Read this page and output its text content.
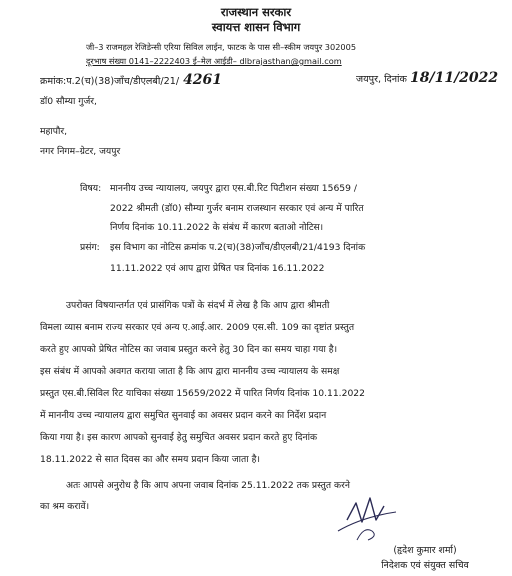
राजस्थान सरकार
स्वायत्त शासन विभाग
जी–3 राजमहल रेजिडेन्सी एरिया सिविल लाईन, फाटक के पास सी–स्कीम जयपुर 302005
दूरभाष संख्या 0141–2222403 ई–मेल आईडी– dlbrajasthan@gmail.com
क्रमांक:प.2(च)(38)जाँच/डीएलबी/21/ 4261	जयपुर, दिनांक 18/11/2022
डॉ0 सौम्या गुर्जर,
महापौर,
नगर निगम–ग्रेटर, जयपुर
विषय: माननीय उच्च न्यायालय, जयपुर द्वारा एस.बी.रिट पिटीशन संख्या 15659 /
2022 श्रीमती (डॉ0) सौम्या गुर्जर बनाम राजस्थान सरकार एवं अन्य में पारित
निर्णय दिनांक 10.11.2022 के संबंध में कारण बताओ नोटिस।
प्रसंग: इस विभाग का नोटिस क्रमांक प.2(च)(38)जाँच/डीएलबी/21/4193 दिनांक
11.11.2022 एवं आप द्वारा प्रेषित पत्र दिनांक 16.11.2022
उपरोक्त विषयान्तर्गत एवं प्रासंगिक पत्रों के संदर्भ में लेख है कि आप द्वारा श्रीमती
विमला व्यास बनाम राज्य सरकार एवं अन्य ए.आई.आर. 2009 एस.सी. 109 का दृष्टांत प्रस्तुत
करते हुए आपको प्रेषित नोटिस का जवाब प्रस्तुत करने हेतु 30 दिन का समय चाहा गया है।
इस संबंध में आपको अवगत कराया जाता है कि आप द्वारा माननीय उच्च न्यायालय के समक्ष
प्रस्तुत एस.बी.सिविल रिट याचिका संख्या 15659/2022 में पारित निर्णय दिनांक 10.11.2022
में माननीय उच्च न्यायालय द्वारा समुचित सुनवाई का अवसर प्रदान करने का निर्देश प्रदान
किया गया है। इस कारण आपको सुनवाई हेतु समुचित अवसर प्रदान करते हुए दिनांक
18.11.2022 से सात दिवस का और समय प्रदान किया जाता है।
अतः आपसे अनुरोध है कि आप अपना जवाब दिनांक 25.11.2022 तक प्रस्तुत करने
का श्रम करावें।
(हृदेश कुमार शर्मा)
निदेशक एवं संयुक्त सचिव
